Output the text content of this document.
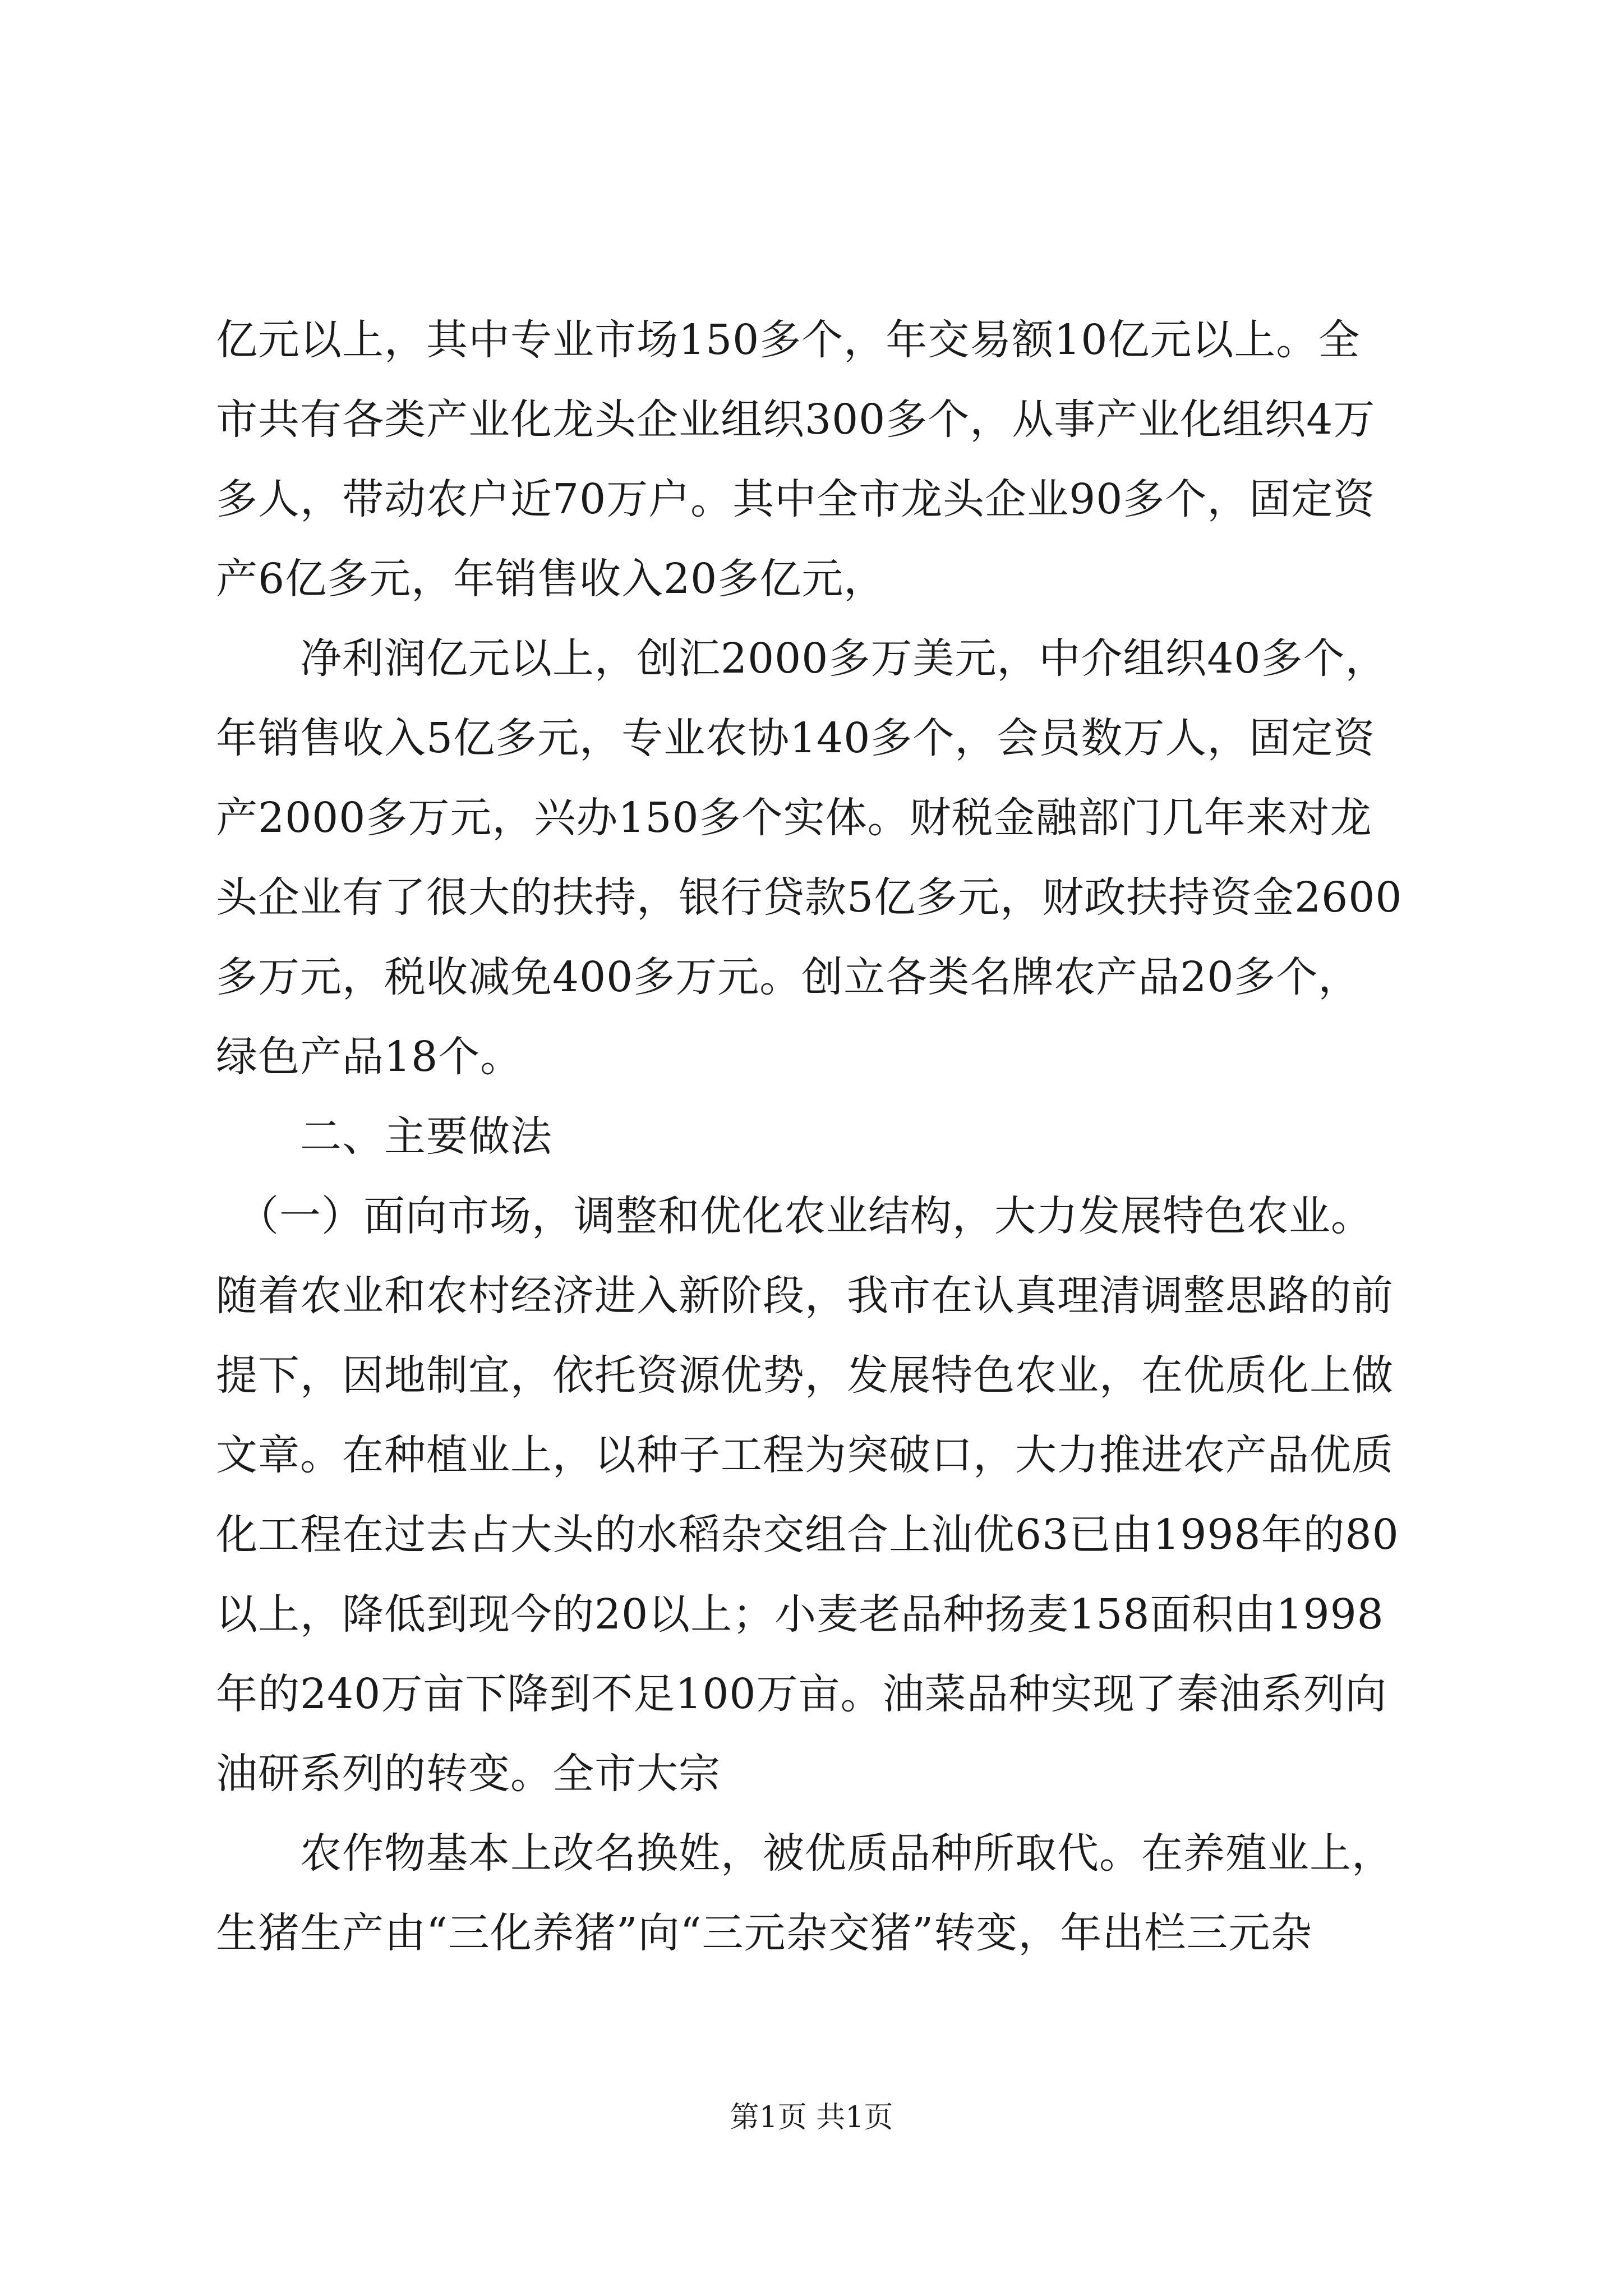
亿元以上，其中专业市场150多个，年交易额10亿元以上。全
市共有各类产业化龙头企业组织300多个，从事产业化组织4万
多人，带动农户近70万户。其中全市龙头企业90多个，固定资
产6亿多元，年销售收入20多亿元，
　　净利润亿元以上，创汇2000多万美元，中介组织40多个，
年销售收入5亿多元，专业农协140多个，会员数万人，固定资
产2000多万元，兴办150多个实体。财税金融部门几年来对龙
头企业有了很大的扶持，银行贷款5亿多元，财政扶持资金2600
多万元，税收减免400多万元。创立各类名牌农产品20多个，
绿色产品18个。
　　二、主要做法
　（一）面向市场，调整和优化农业结构，大力发展特色农业。
随着农业和农村经济进入新阶段，我市在认真理清调整思路的前
提下，因地制宜，依托资源优势，发展特色农业，在优质化上做
文章。在种植业上，以种子工程为突破口，大力推进农产品优质
化工程在过去占大头的水稻杂交组合上汕优63已由1998年的80
以上，降低到现今的20以上；小麦老品种扬麦158面积由1998
年的240万亩下降到不足100万亩。油菜品种实现了秦油系列向
油研系列的转变。全市大宗
　　农作物基本上改名换姓，被优质品种所取代。在养殖业上，
生猪生产由“三化养猪”向“三元杂交猪”转变，年出栏三元杂
第1页 共1页
